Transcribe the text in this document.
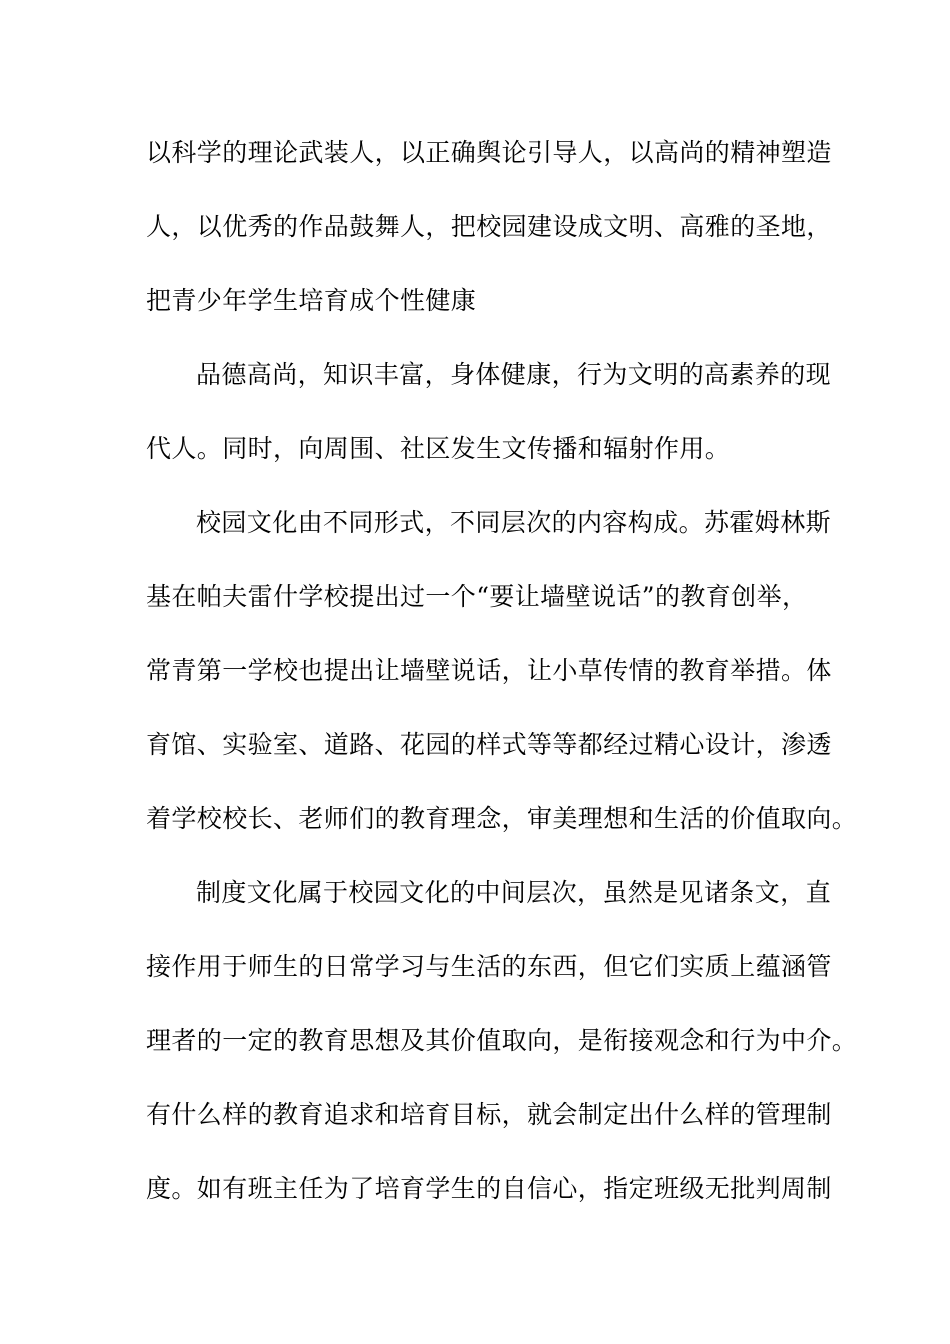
以科学的理论武装人，以正确舆论引导人，以高尚的精神塑造
人，以优秀的作品鼓舞人，把校园建设成文明、高雅的圣地，
把青少年学生培育成个性健康
品德高尚，知识丰富，身体健康，行为文明的高素养的现
代人。同时，向周围、社区发生文传播和辐射作用。
校园文化由不同形式，不同层次的内容构成。苏霍姆林斯
基在帕夫雷什学校提出过一个“要让墙壁说话”的教育创举，
常青第一学校也提出让墙壁说话，让小草传情的教育举措。体
育馆、实验室、道路、花园的样式等等都经过精心设计，渗透
着学校校长、老师们的教育理念，审美理想和生活的价值取向。
制度文化属于校园文化的中间层次，虽然是见诸条文，直
接作用于师生的日常学习与生活的东西，但它们实质上蕴涵管
理者的一定的教育思想及其价值取向，是衔接观念和行为中介。
有什么样的教育追求和培育目标，就会制定出什么样的管理制
度。如有班主任为了培育学生的自信心，指定班级无批判周制
